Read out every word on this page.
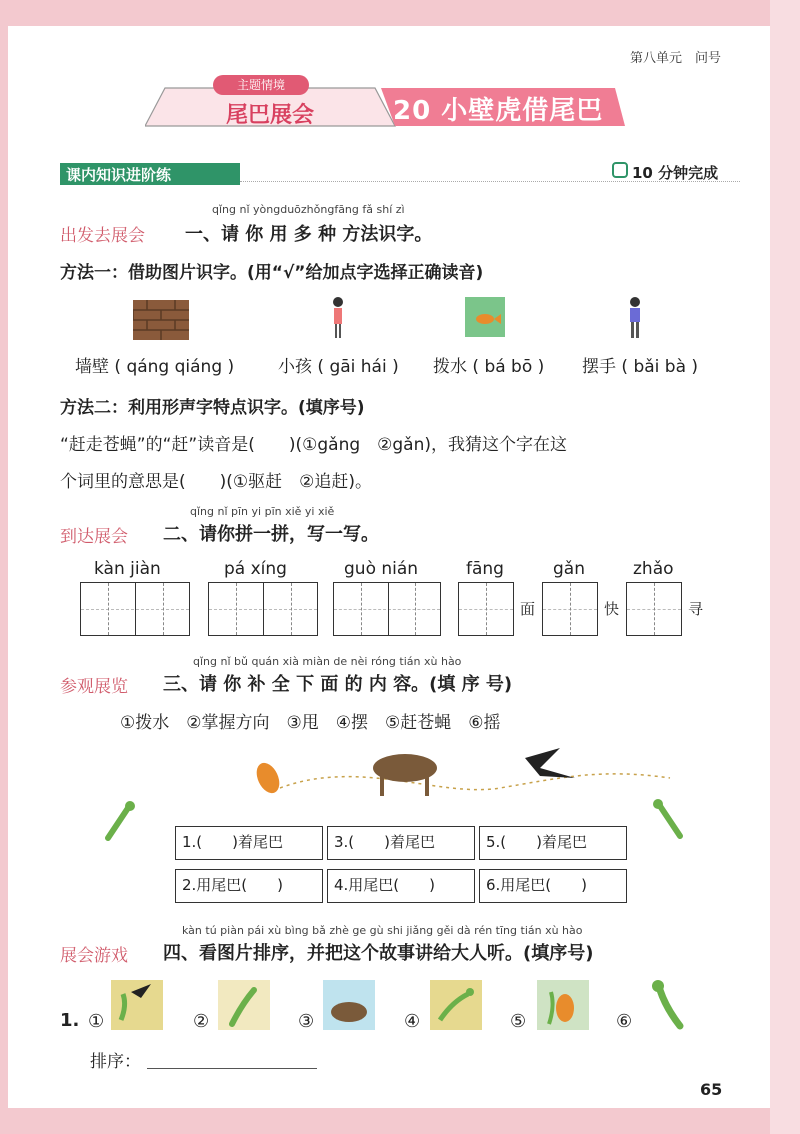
第八单元　问号
主题情境
尾巴展会	20 小壁虎借尾巴
课内知识进阶练	10 分钟完成
qǐng nǐ yòngduōzhǒngfāng fǎ shí zì
出发去展会 一、请 你 用 多 种 方法识字。
方法一：借助图片识字。(用“√”给加点字选择正确读音)
墙壁 ( qáng qiáng )	小孩 ( gāi hái ) 拨水 ( bá bō ) 摆手 ( bǎi bà )
方法二：利用形声字特点识字。(填序号)
“赶走苍蝇”的“赶”读音是(　　)(①gǎng　②gǎn)，我猜这个字在这
个词里的意思是(　　)(①驱赶　②追赶)。
qǐng nǐ pīn yi pīn xiě yi xiě
到达展会 二、请你拼一拼，写一写。
kàn jiàn	pá xíng	guò nián	fāng	gǎn	zhǎo
面	快	寻
qǐng nǐ bǔ quán xià miàn de nèi róng tián xù hào
参观展览 三、请 你 补 全 下 面 的 内 容。(填 序 号)
①拨水　②掌握方向　③甩　④摆　⑤赶苍蝇　⑥摇
1.(　　)着尾巴	3.(　　)着尾巴	5.(　　)着尾巴
2.用尾巴(　　)	4.用尾巴(　　)	6.用尾巴(　　)
kàn tú piàn pái xù bìng bǎ zhè ge gù shi jiǎng gěi dà rén tīng tián xù hào
展会游戏 四、看图片排序，并把这个故事讲给大人听。(填序号)
1. ①	②	③	④	⑤	⑥
排序：
65
